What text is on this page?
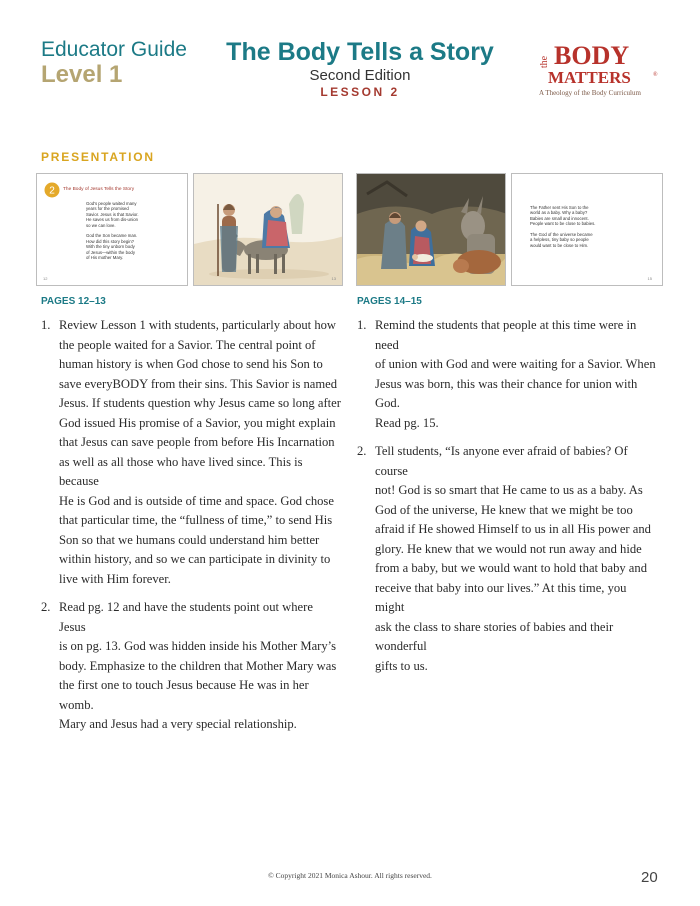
Educator Guide
Level 1
The Body Tells a Story
Second Edition
LESSON 2
the BODY
MATTERS	®
A Theology of the Body Curriculum
PRESENTATION
2 The Body of Jesus Tells the Story
God's people waited many
years for the promised
Savior. Jesus is that Savior.
He saves us from dis-union
so we can love.

God the Son became man.
How did this story begin?
With the tiny unborn body
of Jesus—within the body
of His mother Mary.
12	13
The Father sent His Son to the
world as a baby. Why a baby?
Babies are small and innocent.
People want to be close to babies.

The God of the universe became
a helpless, tiny baby so people
would want to be close to Him.
15
PAGES 12–13	PAGES 14–15
1. Review Lesson 1 with students, particularly about how
the people waited for a Savior. The central point of
human history is when God chose to send his Son to
save everyBODY from their sins. This Savior is named
Jesus. If students question why Jesus came so long after
God issued His promise of a Savior, you might explain
that Jesus can save people from before His Incarnation
as well as all those who have lived since. This is because
He is God and is outside of time and space. God chose
that particular time, the “fullness of time,” to send His
Son so that we humans could understand him better
within history, and so we can participate in divinity to
live with Him forever.
2. Read pg. 12 and have the students point out where Jesus
is on pg. 13. God was hidden inside his Mother Mary’s
body. Emphasize to the children that Mother Mary was
the first one to touch Jesus because He was in her womb.
Mary and Jesus had a very special relationship.
1. Remind the students that people at this time were in need
of union with God and were waiting for a Savior. When
Jesus was born, this was their chance for union with God.
Read pg. 15.
2. Tell students, “Is anyone ever afraid of babies? Of course
not! God is so smart that He came to us as a baby. As
God of the universe, He knew that we might be too
afraid if He showed Himself to us in all His power and
glory. He knew that we would not run away and hide
from a baby, but we would want to hold that baby and
receive that baby into our lives.” At this time, you might
ask the class to share stories of babies and their wonderful
gifts to us.
© Copyright 2021 Monica Ashour. All rights reserved.	20
